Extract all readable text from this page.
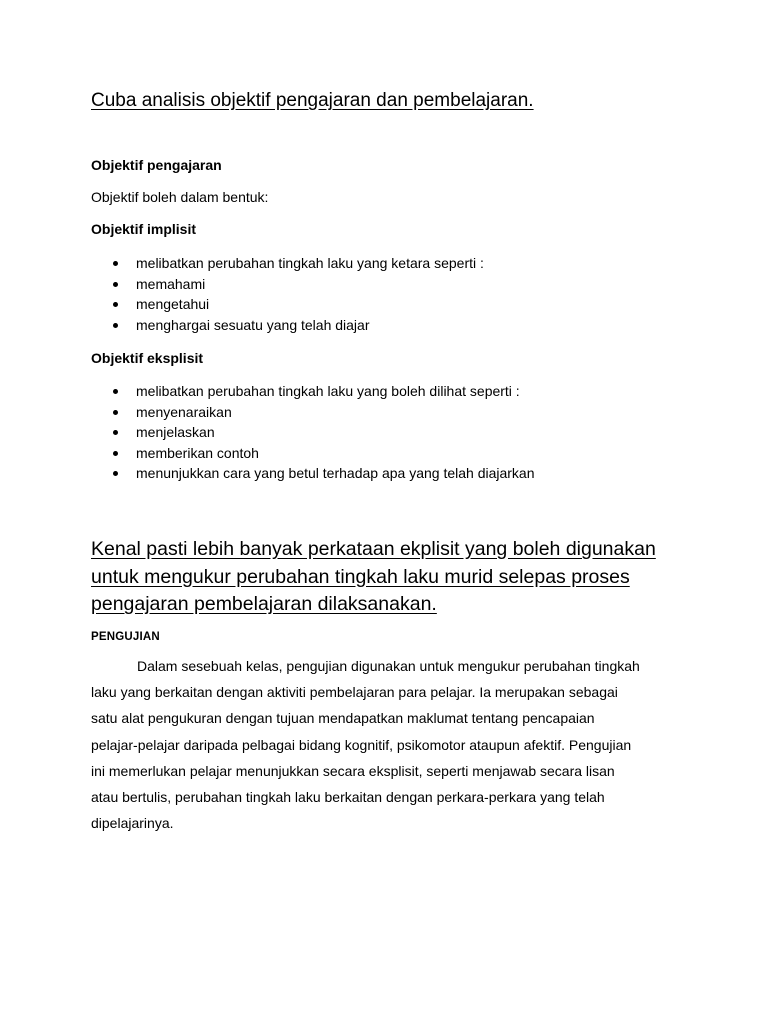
Cuba analisis objektif pengajaran dan pembelajaran.
Objektif pengajaran

Objektif boleh dalam bentuk:

Objektif implisit
melibatkan perubahan tingkah laku yang ketara seperti :
memahami
mengetahui
menghargai sesuatu yang telah diajar
Objektif eksplisit
melibatkan perubahan tingkah laku yang boleh dilihat seperti :
menyenaraikan
menjelaskan
memberikan contoh
menunjukkan cara yang betul terhadap apa yang telah diajarkan
Kenal pasti lebih banyak perkataan ekplisit yang boleh digunakan
untuk mengukur perubahan tingkah laku murid selepas proses
pengajaran pembelajaran dilaksanakan.
PENGUJIAN

Dalam sesebuah kelas, pengujian digunakan untuk mengukur perubahan tingkah
laku yang berkaitan dengan aktiviti pembelajaran para pelajar. Ia merupakan sebagai
satu alat pengukuran dengan tujuan mendapatkan maklumat tentang pencapaian
pelajar-pelajar daripada pelbagai bidang kognitif, psikomotor ataupun afektif. Pengujian
ini memerlukan pelajar menunjukkan secara eksplisit, seperti menjawab secara lisan
atau bertulis, perubahan tingkah laku berkaitan dengan perkara-perkara yang telah
dipelajarinya.
